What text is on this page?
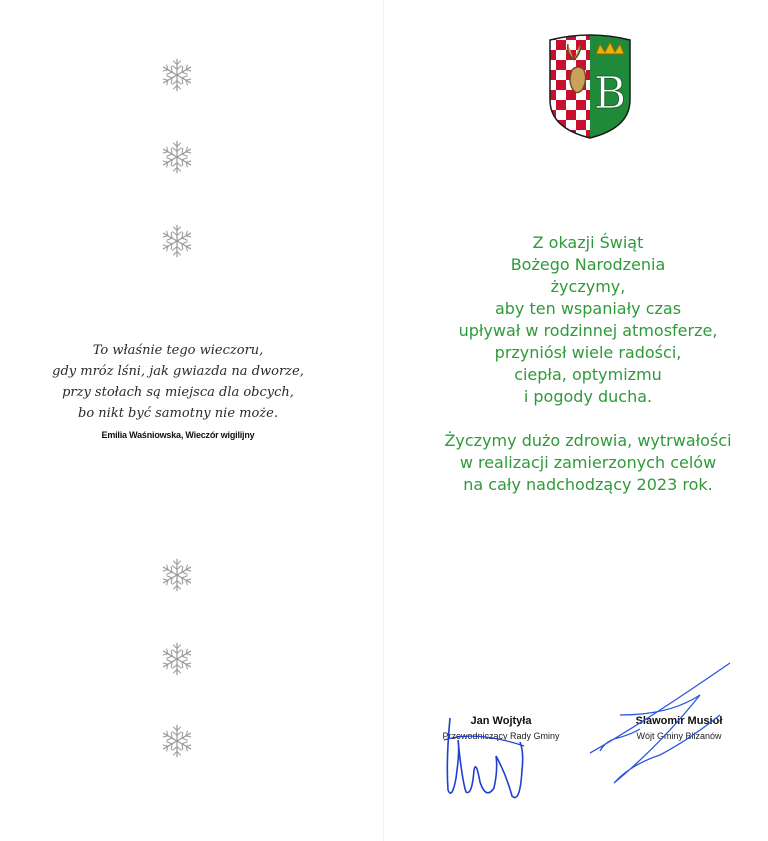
To właśnie tego wieczoru,
gdy mróz lśni, jak gwiazda na dworze,
przy stołach są miejsca dla obcych,
bo nikt być samotny nie może.
Emilia Waśniowska, Wieczór wigilijny
B
Z okazji Świąt
Bożego Narodzenia
życzymy,
aby ten wspaniały czas
upływał w rodzinnej atmosferze,
przyniósł wiele radości,
ciepła, optymizmu
i pogody ducha.
Życzymy dużo zdrowia, wytrwałości
w realizacji zamierzonych celów
na cały nadchodzący 2023 rok.
Jan Wojtyła
Przewodniczący Rady Gminy
Sławomir Musioł
Wójt Gminy Blizanów
